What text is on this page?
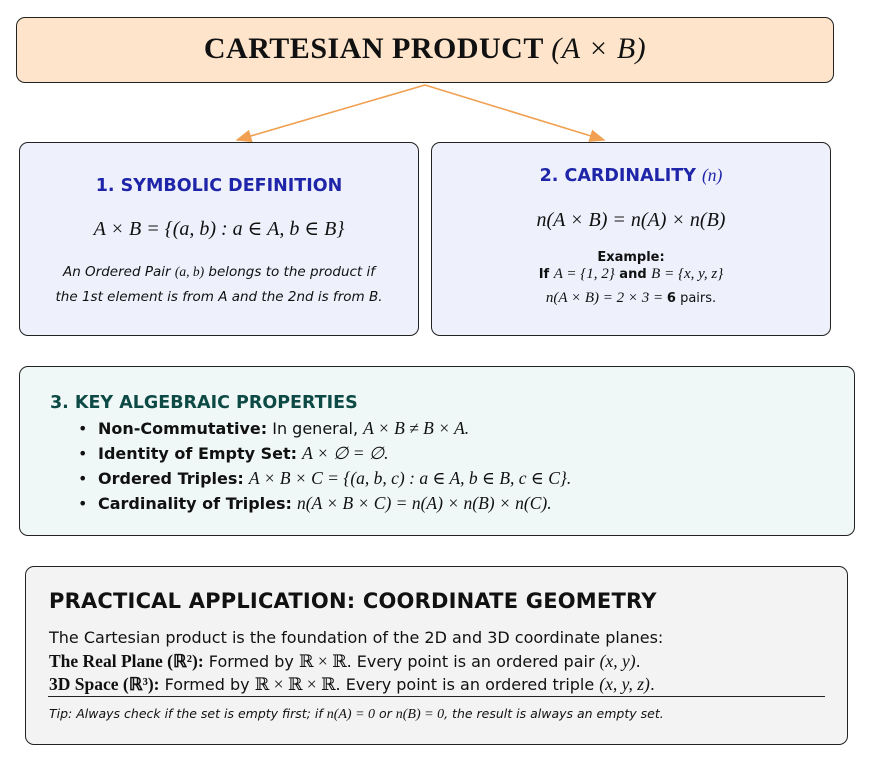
CARTESIAN PRODUCT (A × B)
1. SYMBOLIC DEFINITION
A × B = {(a, b) : a ∈ A, b ∈ B}
An Ordered Pair (a, b) belongs to the product if
the 1st element is from A and the 2nd is from B.
2. CARDINALITY (n)
n(A × B) = n(A) × n(B)
Example:
If A = {1, 2} and B = {x, y, z}
n(A × B) = 2 × 3 = 6 pairs.
3. KEY ALGEBRAIC PROPERTIES
• Non-Commutative: In general, A × B ≠ B × A.
• Identity of Empty Set: A × ∅ = ∅.
• Ordered Triples: A × B × C = {(a, b, c) : a ∈ A, b ∈ B, c ∈ C}.
• Cardinality of Triples: n(A × B × C) = n(A) × n(B) × n(C).
PRACTICAL APPLICATION: COORDINATE GEOMETRY
The Cartesian product is the foundation of the 2D and 3D coordinate planes:
The Real Plane (ℝ²): Formed by ℝ × ℝ. Every point is an ordered pair (x, y).
3D Space (ℝ³): Formed by ℝ × ℝ × ℝ. Every point is an ordered triple (x, y, z).
Tip: Always check if the set is empty first; if n(A) = 0 or n(B) = 0, the result is always an empty set.
